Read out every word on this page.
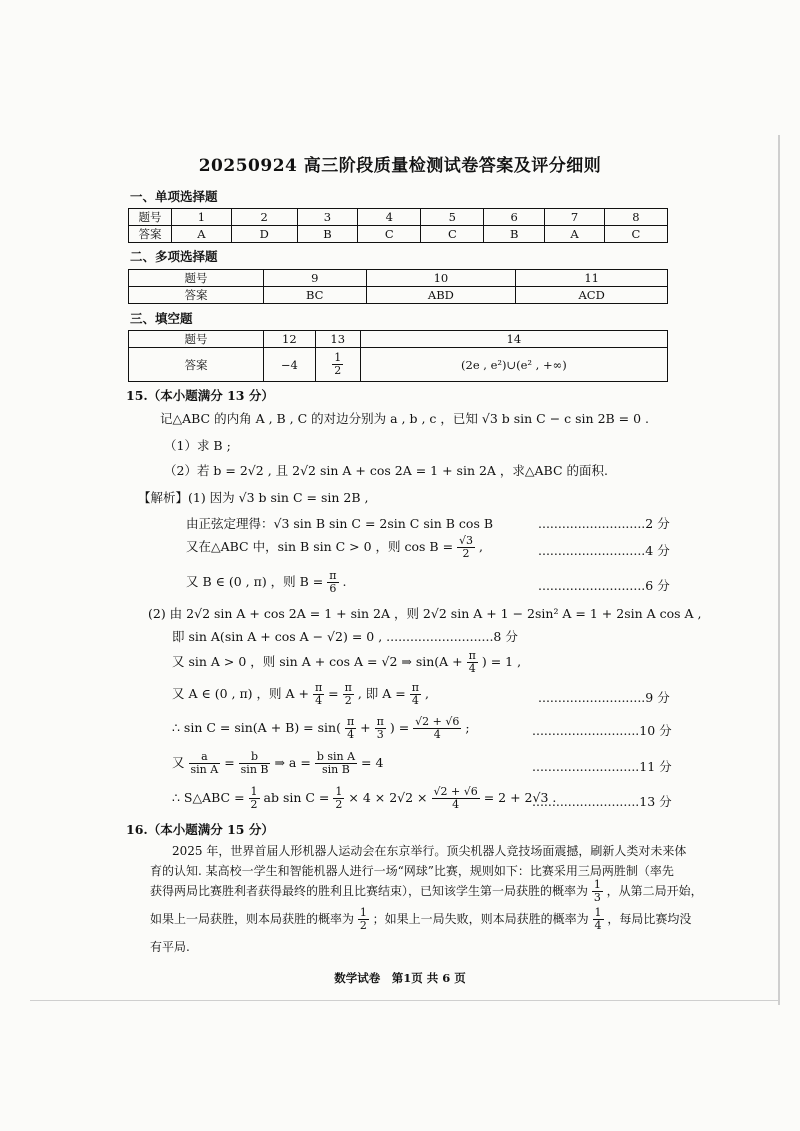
20250924 高三阶段质量检测试卷答案及评分细则
一、单项选择题
题号	1	2	3	4	5	6	7	8
答案	A	D	B	C	C	B	A	C
二、多项选择题
题号	9	10	11
答案	BC	ABD	ACD
三、填空题
题号	12	13	14
答案	−4	$\frac{1}{2}$	(2e , e²)∪(e² , +∞)
15.（本小题满分 13 分）
记△ABC 的内角 A , B , C 的对边分别为 a , b , c ，已知 √3 b sin C − c sin 2B = 0 .
（1）求 B ;
（2）若 b = 2√2 , 且 2√2 sin A + cos 2A = 1 + sin 2A ，求△ABC 的面积.
【解析】(1) 因为 √3 b sin C = sin 2B ,
由正弦定理得：√3 sin B sin C = 2sin C sin B cos B	...........................2 分
又在△ABC 中，sin B sin C > 0 ，则 $\cos B = \frac{√3}{2}$ ,	...........................4 分
又 B ∈ (0 , π) ，则 $B = \frac{\pi}{6}$ .	...........................6 分
(2) 由 2√2 sin A + cos 2A = 1 + sin 2A ，则 2√2 sin A + 1 − 2sin² A = 1 + 2sin A cos A ,
即 sin A(sin A + cos A − √2) = 0 , ...........................8 分
又 sin A > 0 ，则 sin A + cos A = √2 ⇒ $\sin(A + \frac{\pi}{4}$ ) = 1 ,
又 A ∈ (0 , π) ，则 $A + \frac{\pi}{4} = \frac{\pi}{2}$ , 即 $A = \frac{\pi}{4}$ ,	...........................9 分
∴ $\sin C = \sin(A + B) = \sin( \frac{\pi}{4} + \frac{\pi}{3}$ ) = $\frac{√2 + √6}{4}$ ;	...........................10 分
又 $\frac{a}{\text{sin A}} = \frac{b}{\text{sin B}}$ ⇒ $a = \frac{\text{b sin A}}{\text{sin B}} = 4$	...........................11 分
∴ S△ABC = $\frac{1}{2}$ ab $\sin C = \frac{1}{2} \times 4 \times 2√2 \times \frac{√2 + √6}{4} = 2 + 2√3$ .
...........................13 分
16.（本小题满分 15 分）
2025 年，世界首届人形机器人运动会在东京举行。顶尖机器人竞技场面震撼，刷新人类对未来体
育的认知. 某高校一学生和智能机器人进行一场“网球”比赛，规则如下：比赛采用三局两胜制（率先
获得两局比赛胜利者获得最终的胜利且比赛结束），已知该学生第一局获胜的概率为 $\frac{1}{3}$ ，从第二局开始，
如果上一局获胜，则本局获胜的概率为 $\frac{1}{2}$ ；如果上一局失败，则本局获胜的概率为 $\frac{1}{4}$ ，每局比赛均没
有平局.
数学试卷　第1页 共 6 页
